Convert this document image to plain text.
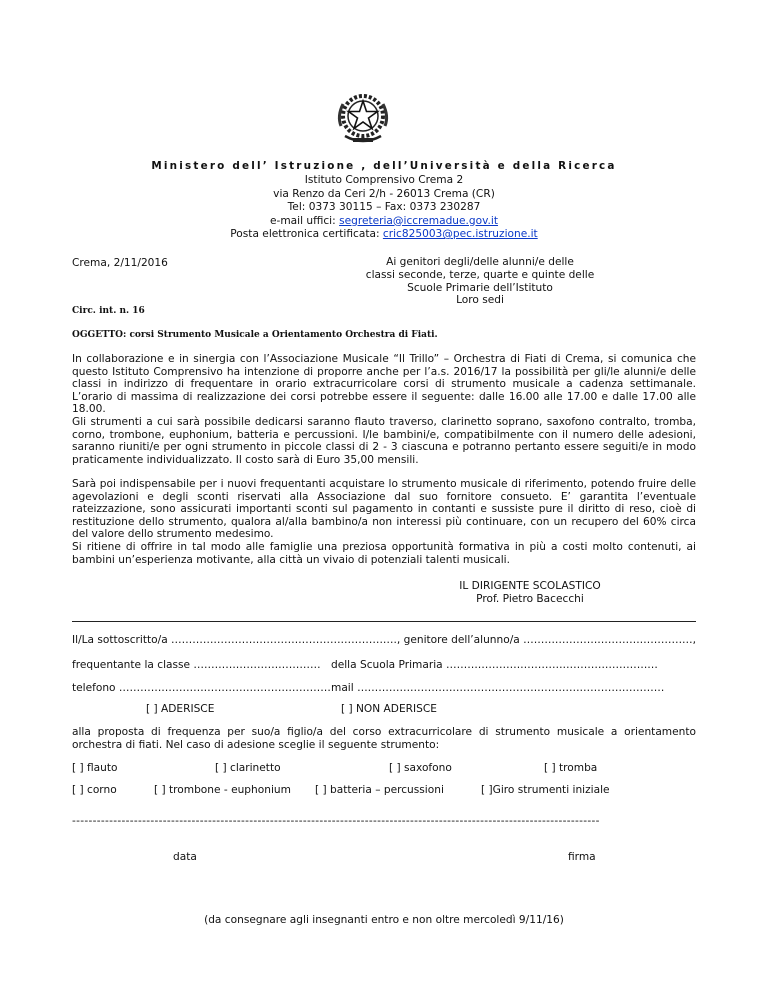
Ministero dell’ Istruzione , dell’Università e della Ricerca
Istituto Comprensivo Crema 2
via Renzo da Ceri 2/h - 26013 Crema (CR)
Tel: 0373 30115 – Fax: 0373 230287
e-mail uffici: segreteria@iccremadue.gov.it
Posta elettronica certificata: cric825003@pec.istruzione.it
Crema, 2/11/2016	Ai genitori degli/delle alunni/e delle
classi seconde, terze, quarte e quinte delle
Scuole Primarie dell’Istituto
Loro sedi
Circ. int. n. 16
OGGETTO: corsi Strumento Musicale a Orientamento Orchestra di Fiati.
In collaborazione e in sinergia con l’Associazione Musicale “Il Trillo” – Orchestra di Fiati di Crema, si comunica che questo Istituto Comprensivo ha intenzione di proporre anche per l’a.s. 2016/17 la possibilità per gli/le alunni/e delle classi in indirizzo di frequentare in orario extracurricolare corsi di strumento musicale a cadenza settimanale. L’orario di massima di realizzazione dei corsi potrebbe essere il seguente: dalle 16.00 alle 17.00 e dalle 17.00 alle 18.00.
Gli strumenti a cui sarà possibile dedicarsi saranno flauto traverso, clarinetto soprano, saxofono contralto, tromba, corno, trombone, euphonium, batteria e percussioni. I/le bambini/e, compatibilmente con il numero delle adesioni, saranno riuniti/e per ogni strumento in piccole classi di 2 - 3 ciascuna e potranno pertanto essere seguiti/e in modo praticamente individualizzato. Il costo sarà di Euro 35,00 mensili.
Sarà poi indispensabile per i nuovi frequentanti acquistare lo strumento musicale di riferimento, potendo fruire delle agevolazioni e degli sconti riservati alla Associazione dal suo fornitore consueto. E’ garantita l’eventuale rateizzazione, sono assicurati importanti sconti sul pagamento in contanti e sussiste pure il diritto di reso, cioè di restituzione dello strumento, qualora al/alla bambino/a non interessi più continuare, con un recupero del 60% circa del valore dello strumento medesimo.
Si ritiene di offrire in tal modo alle famiglie una preziosa opportunità formativa in più a costi molto contenuti, ai bambini un’esperienza motivante, alla città un vivaio di potenziali talenti musicali.
IL DIRIGENTE SCOLASTICO
Prof. Pietro Bacecchi
Il/La sottoscritto/a ………………………………………………………., genitore dell’alunno/a …………………………………………,
frequentante la classe ……………………………… della Scuola Primaria ……………………………………………………
telefono …………………………………………………… mail ……………………………………………………………………………
[ ] ADERISCE	[ ] NON ADERISCE
alla proposta di frequenza per suo/a figlio/a del corso extracurricolare di strumento musicale a orientamento orchestra di fiati. Nel caso di adesione sceglie il seguente strumento:
[ ] flauto	[ ] clarinetto	[ ] saxofono	[ ] tromba
[ ] corno	[ ] trombone - euphonium [ ] batteria – percussioni	[ ]Giro strumenti iniziale
--------------------------------------------------------------------------------------------------------------------------------
data	firma
(da consegnare agli insegnanti entro e non oltre mercoledì 9/11/16)
